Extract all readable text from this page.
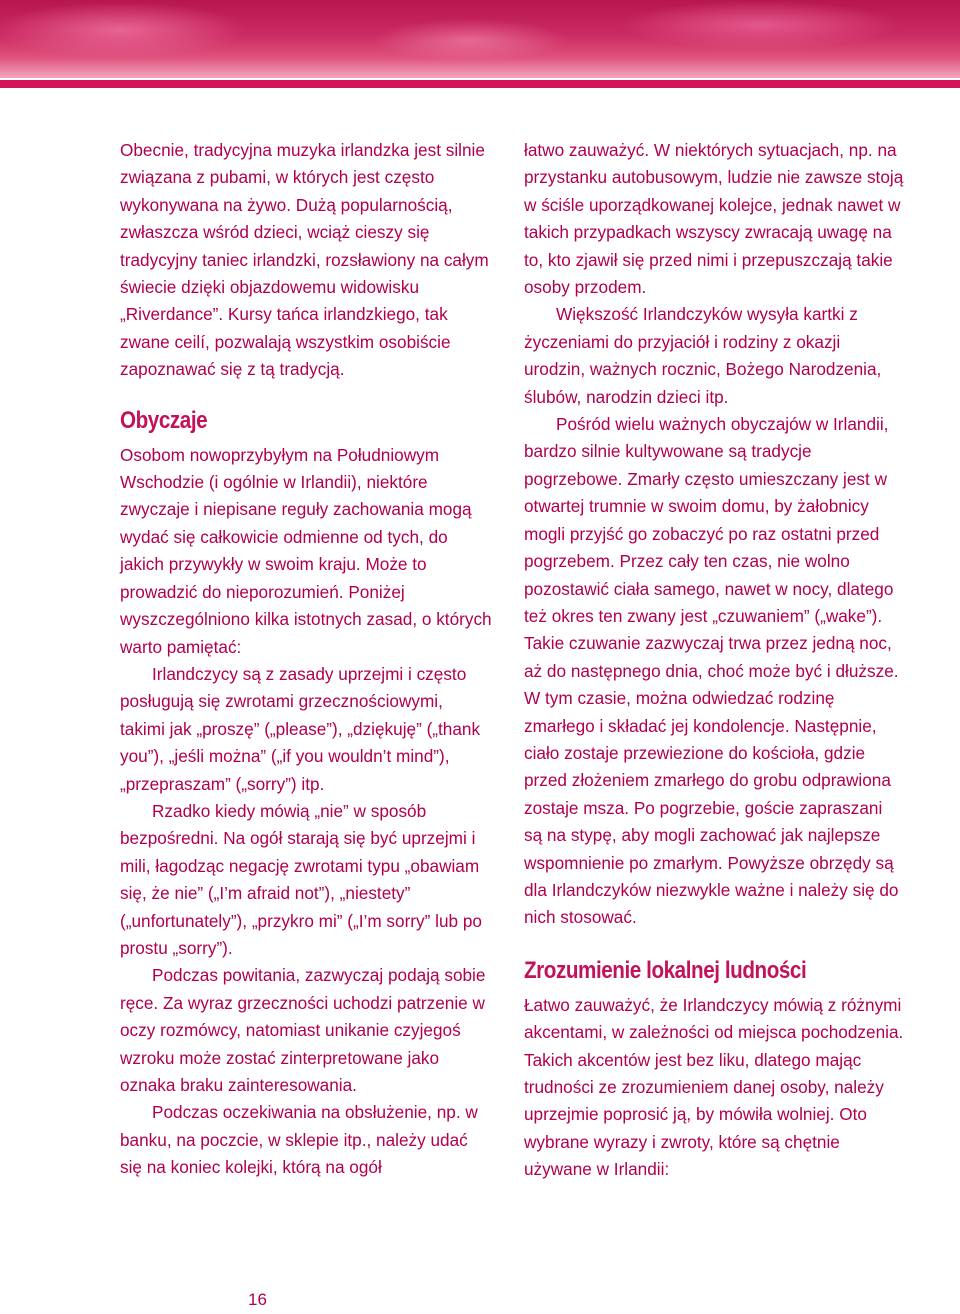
Obecnie, tradycyjna muzyka irlandzka jest silnie związana z pubami, w których jest często wykonywana na żywo. Dużą popularnością, zwłaszcza wśród dzieci, wciąż cieszy się tradycyjny taniec irlandzki, rozsławiony na całym świecie dzięki objazdowemu widowisku „Riverdance”. Kursy tańca irlandzkiego, tak zwane ceilí, pozwalają wszystkim osobiście zapoznawać się z tą tradycją.

Obyczaje

Osobom nowoprzybyłym na Południowym Wschodzie (i ogólnie w Irlandii), niektóre zwyczaje i niepisane reguły zachowania mogą wydać się całkowicie odmienne od tych, do jakich przywykły w swoim kraju. Może to prowadzić do nieporozumień. Poniżej wyszczególniono kilka istotnych zasad, o których warto pamiętać:

Irlandczycy są z zasady uprzejmi i często posługują się zwrotami grzecznościowymi, takimi jak „proszę” („please”), „dziękuję” („thank you”), „jeśli można” („if you wouldn’t mind”), „przepraszam” („sorry”) itp.

Rzadko kiedy mówią „nie” w sposób bezpośredni. Na ogół starają się być uprzejmi i mili, łagodząc negację zwrotami typu „obawiam się, że nie” („I’m afraid not”), „niestety” („unfortunately”), „przykro mi” („I’m sorry” lub po prostu „sorry”).

Podczas powitania, zazwyczaj podają sobie ręce. Za wyraz grzeczności uchodzi patrzenie w oczy rozmówcy, natomiast unikanie czyjegoś wzroku może zostać zinterpretowane jako oznaka braku zainteresowania.

Podczas oczekiwania na obsłużenie, np. w banku, na poczcie, w sklepie itp., należy udać się na koniec kolejki, którą na ogół

łatwo zauważyć. W niektórych sytuacjach, np. na przystanku autobusowym, ludzie nie zawsze stoją w ściśle uporządkowanej kolejce, jednak nawet w takich przypadkach wszyscy zwracają uwagę na to, kto zjawił się przed nimi i przepuszczają takie osoby przodem.

Większość Irlandczyków wysyła kartki z życzeniami do przyjaciół i rodziny z okazji urodzin, ważnych rocznic, Bożego Narodzenia, ślubów, narodzin dzieci itp.

Pośród wielu ważnych obyczajów w Irlandii, bardzo silnie kultywowane są tradycje pogrzebowe. Zmarły często umieszczany jest w otwartej trumnie w swoim domu, by żałobnicy mogli przyjść go zobaczyć po raz ostatni przed pogrzebem. Przez cały ten czas, nie wolno pozostawić ciała samego, nawet w nocy, dlatego też okres ten zwany jest „czuwaniem” („wake”). Takie czuwanie zazwyczaj trwa przez jedną noc, aż do następnego dnia, choć może być i dłuższe. W tym czasie, można odwiedzać rodzinę zmarłego i składać jej kondolencje. Następnie, ciało zostaje przewiezione do kościoła, gdzie przed złożeniem zmarłego do grobu odprawiona zostaje msza. Po pogrzebie, goście zapraszani są na stypę, aby mogli zachować jak najlepsze wspomnienie po zmarłym. Powyższe obrzędy są dla Irlandczyków niezwykle ważne i należy się do nich stosować.

Zrozumienie lokalnej ludności

Łatwo zauważyć, że Irlandczycy mówią z różnymi akcentami, w zależności od miejsca pochodzenia. Takich akcentów jest bez liku, dlatego mając trudności ze zrozumieniem danej osoby, należy uprzejmie poprosić ją, by mówiła wolniej. Oto wybrane wyrazy i zwroty, które są chętnie używane w Irlandii:

16
